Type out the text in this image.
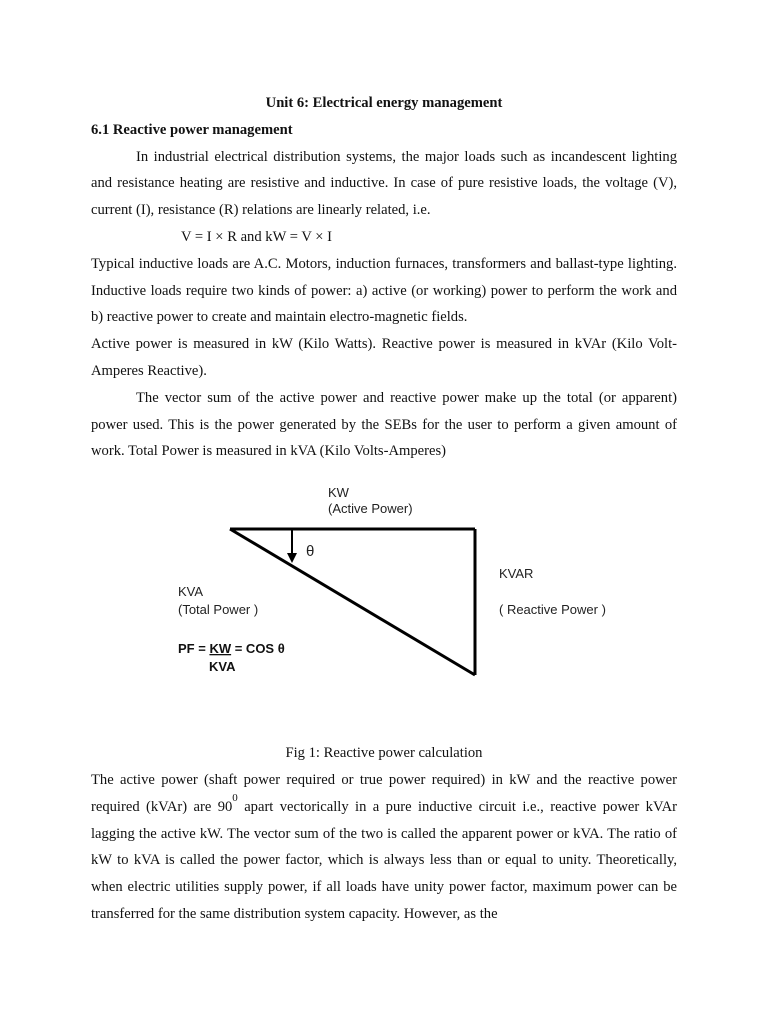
Unit 6: Electrical energy management

6.1 Reactive power management

In industrial electrical distribution systems, the major loads such as incandescent lighting and resistance heating are resistive and inductive. In case of pure resistive loads, the voltage (V), current (I), resistance (R) relations are linearly related, i.e.

V = I × R and kW = V × I

Typical inductive loads are A.C. Motors, induction furnaces, transformers and ballast-type lighting. Inductive loads require two kinds of power: a) active (or working) power to perform the work and b) reactive power to create and maintain electro-magnetic fields.

Active power is measured in kW (Kilo Watts). Reactive power is measured in kVAr (Kilo Volt-Amperes Reactive).

The vector sum of the active power and reactive power make up the total (or apparent) power used. This is the power generated by the SEBs for the user to perform a given amount of work. Total Power is measured in kVA (Kilo Volts-Amperes)

KW
(Active Power)
θ
KVAR
( Reactive Power )
KVA
(Total Power )
PF = KW = COS θ
KVA

Fig 1: Reactive power calculation

The active power (shaft power required or true power required) in kW and the reactive power required (kVAr) are $90^0$ apart vectorically in a pure inductive circuit i.e., reactive power kVAr lagging the active kW. The vector sum of the two is called the apparent power or kVA. The ratio of kW to kVA is called the power factor, which is always less than or equal to unity. Theoretically, when electric utilities supply power, if all loads have unity power factor, maximum power can be transferred for the same distribution system capacity. However, as the
